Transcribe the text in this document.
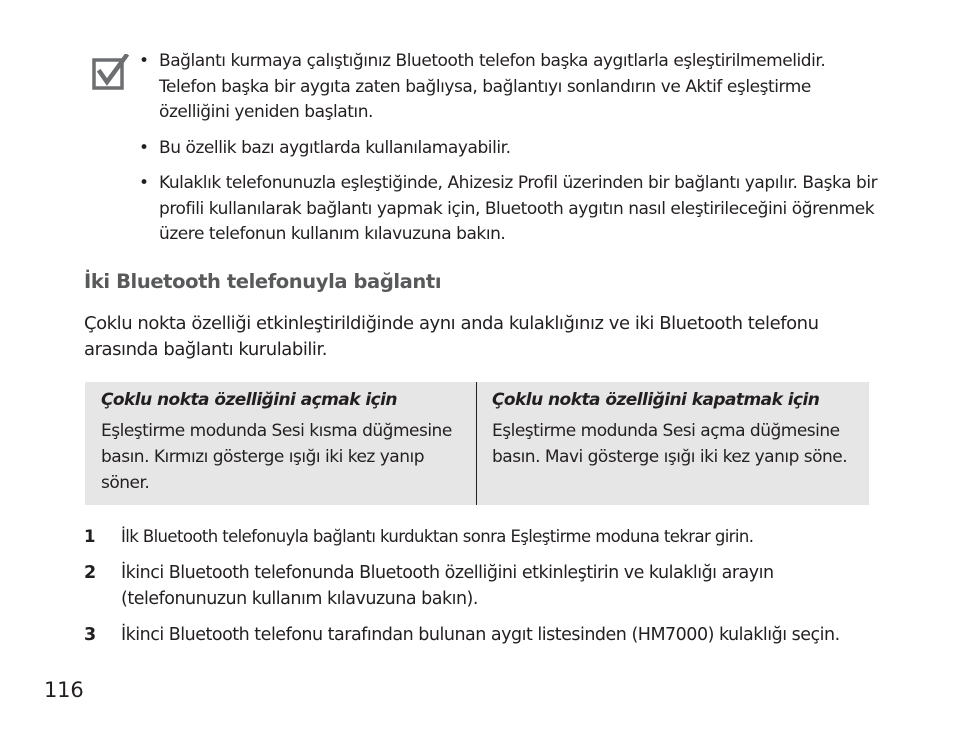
• Bağlantı kurmaya çalıştığınız Bluetooth telefon başka aygıtlarla eşleştirilmemelidir. Telefon başka bir aygıta zaten bağlıysa, bağlantıyı sonlandırın ve Aktif eşleştirme özelliğini yeniden başlatın.
• Bu özellik bazı aygıtlarda kullanılamayabilir.
• Kulaklık telefonunuzla eşleştiğinde, Ahizesiz Profil üzerinden bir bağlantı yapılır. Başka bir profili kullanılarak bağlantı yapmak için, Bluetooth aygıtın nasıl eleştirileceğini öğrenmek üzere telefonun kullanım kılavuzuna bakın.
İki Bluetooth telefonuyla bağlantı

Çoklu nokta özelliği etkinleştirildiğinde aynı anda kulaklığınız ve iki Bluetooth telefonu arasında bağlantı kurulabilir.

Çoklu nokta özelliğini açmak için
Eşleştirme modunda Sesi kısma düğmesine basın. Kırmızı gösterge ışığı iki kez yanıp söner.
Çoklu nokta özelliğini kapatmak için
Eşleştirme modunda Sesi açma düğmesine basın. Mavi gösterge ışığı iki kez yanıp söne.
1 İlk Bluetooth telefonuyla bağlantı kurduktan sonra Eşleştirme moduna tekrar girin.
2 İkinci Bluetooth telefonunda Bluetooth özelliğini etkinleştirin ve kulaklığı arayın (telefonunuzun kullanım kılavuzuna bakın).
3 İkinci Bluetooth telefonu tarafından bulunan aygıt listesinden (HM7000) kulaklığı seçin.
116
